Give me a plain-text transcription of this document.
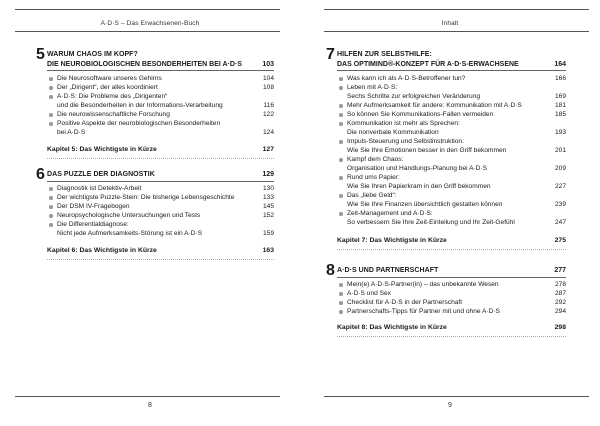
A·D·S – Das Erwachsenen-Buch
5 WARUM CHAOS IM KOPF?
DIE NEUROBIOLOGISCHEN BESONDERHEITEN BEI A·D·S	103
Die Neurosoftware unseres Gehirns	104
Der „Dirigent“, der alles koordiniert	108
A·D·S: Die Probleme des „Dirigenten“
und die Besonderheiten in der Informations-Verarbeitung	116
Die neurowissenschaftliche Forschung	122
Positive Aspekte der neurobiologischen Besonderheiten
bei A·D·S	124
Kapitel 5: Das Wichtigste in Kürze	127
6 DAS PUZZLE DER DIAGNOSTIK	129
Diagnostik ist Detektiv-Arbeit	130
Der wichtigste Puzzle-Stein: Die bisherige Lebensgeschichte	133
Der DSM IV-Fragebogen	145
Neuropsychologische Untersuchungen und Tests	152
Die Differentialdiagnose:
Nicht jede Aufmerksamkeits-Störung ist ein A·D·S	159
Kapitel 6: Das Wichtigste in Kürze	163
8
Inhalt
7 HILFEN ZUR SELBSTHILFE:
DAS OPTIMIND®-KONZEPT FÜR A·D·S-ERWACHSENE	164
Was kann ich als A·D·S-Betroffener tun?	166
Leben mit A·D·S:
Sechs Schritte zur erfolgreichen Veränderung	169
Mehr Aufmerksamkeit für andere: Kommunikation mit A·D·S	181
So können Sie Kommunikations-Fallen vermeiden	185
Kommunikation ist mehr als Sprechen:
Die nonverbale Kommunikation	193
Impuls-Steuerung und Selbstinstruktion:
Wie Sie Ihre Emotionen besser in den Griff bekommen	201
Kampf dem Chaos:
Organisation und Handlungs-Planung bei A·D·S	209
Rund ums Papier:
Wie Sie Ihren Papierkram in den Griff bekommen	227
Das „liebe Geld“:
Wie Sie Ihre Finanzen übersichtlich gestalten können	239
Zeit-Management und A·D·S:
So verbessern Sie Ihre Zeit-Einteilung und Ihr Zeit-Gefühl	247
Kapitel 7: Das Wichtigste in Kürze	275
8 A·D·S UND PARTNERSCHAFT	277
Mein(e) A·D·S-Partner(in) – das unbekannte Wesen	278
A·D·S und Sex	287
Checklist für A·D·S in der Partnerschaft	292
Partnerschafts-Tipps für Partner mit und ohne A·D·S	294
Kapitel 8: Das Wichtigste in Kürze	298
9
